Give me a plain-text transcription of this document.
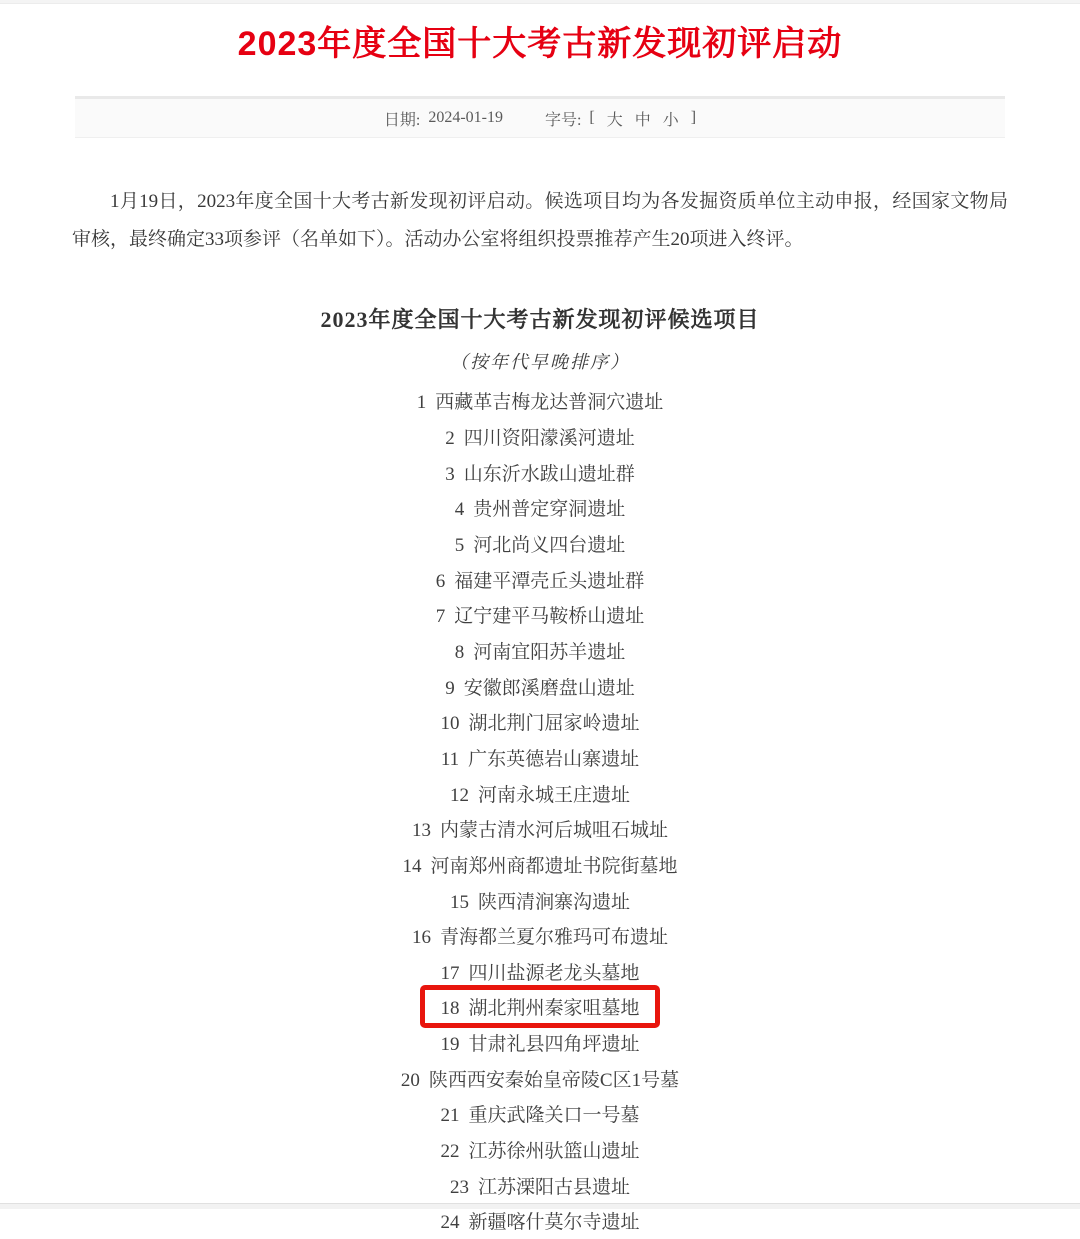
2023年度全国十大考古新发现初评启动
日期: 2024-01-19	字号: [ 大 中 小 ]

1月19日，2023年度全国十大考古新发现初评启动。候选项目均为各发掘资质单位主动申报，经国家文物局审核，最终确定33项参评（名单如下）。活动办公室将组织投票推荐产生20项进入终评。

2023年度全国十大考古新发现初评候选项目
（按年代早晚排序）
1 西藏革吉梅龙达普洞穴遗址
2 四川资阳濛溪河遗址
3 山东沂水跋山遗址群
4 贵州普定穿洞遗址
5 河北尚义四台遗址
6 福建平潭壳丘头遗址群
7 辽宁建平马鞍桥山遗址
8 河南宜阳苏羊遗址
9 安徽郎溪磨盘山遗址
10 湖北荆门屈家岭遗址
11 广东英德岩山寨遗址
12 河南永城王庄遗址
13 内蒙古清水河后城咀石城址
14 河南郑州商都遗址书院街墓地
15 陕西清涧寨沟遗址
16 青海都兰夏尔雅玛可布遗址
17 四川盐源老龙头墓地
18 湖北荆州秦家咀墓地
19 甘肃礼县四角坪遗址
20 陕西西安秦始皇帝陵C区1号墓
21 重庆武隆关口一号墓
22 江苏徐州驮篮山遗址
23 江苏溧阳古县遗址
24 新疆喀什莫尔寺遗址
